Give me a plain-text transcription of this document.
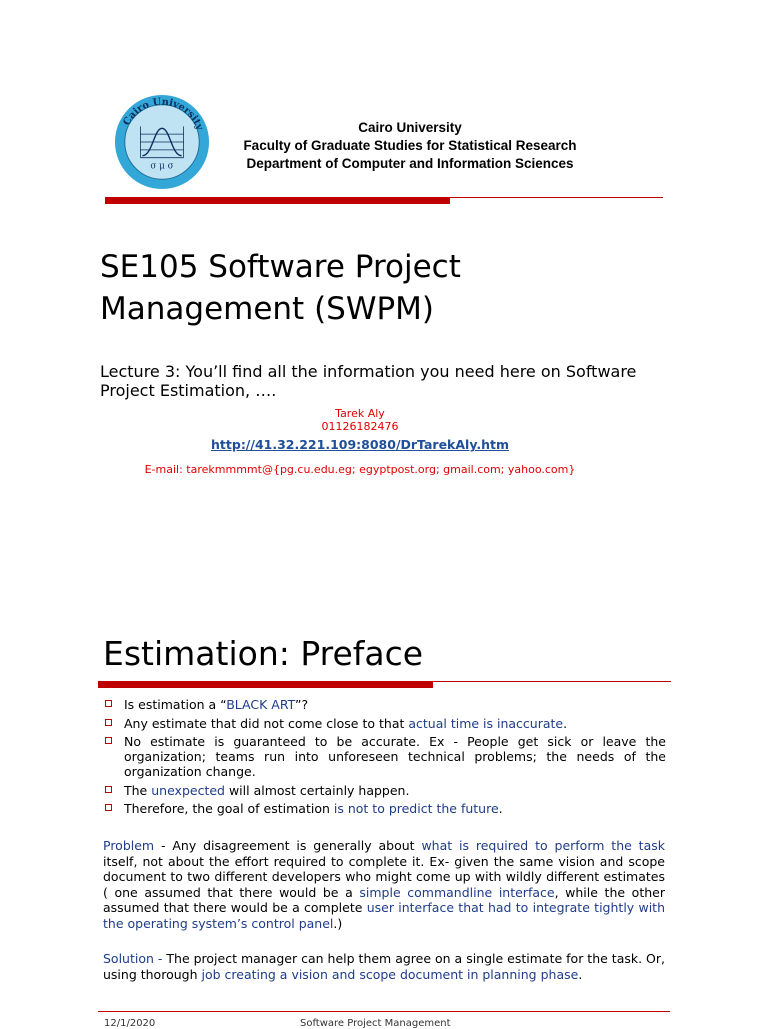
Cairo University
σ μ σ
Cairo University
Faculty of Graduate Studies for Statistical Research
Department of Computer and Information Sciences
SE105 Software Project Management (SWPM)
Lecture 3: You’ll find all the information you need here on Software Project Estimation, ….
Tarek Aly
01126182476
http://41.32.221.109:8080/DrTarekAly.htm
E-mail: tarekmmmmt@{pg.cu.edu.eg; egyptpost.org; gmail.com; yahoo.com}
Estimation: Preface
Is estimation a “BLACK ART”?
Any estimate that did not come close to that actual time is inaccurate.
No estimate is guaranteed to be accurate. Ex - People get sick or leave the organization; teams run into unforeseen technical problems; the needs of the organization change.
The unexpected will almost certainly happen.
Therefore, the goal of estimation is not to predict the future.

Problem - Any disagreement is generally about what is required to perform the task itself, not about the effort required to complete it. Ex- given the same vision and scope document to two different developers who might come up with wildly different estimates ( one assumed that there would be a simple commandline interface, while the other assumed that there would be a complete user interface that had to integrate tightly with the operating system’s control panel.)

Solution - The project manager can help them agree on a single estimate for the task. Or, using thorough job creating a vision and scope document in planning phase.

12/1/2020	Software Project Management
